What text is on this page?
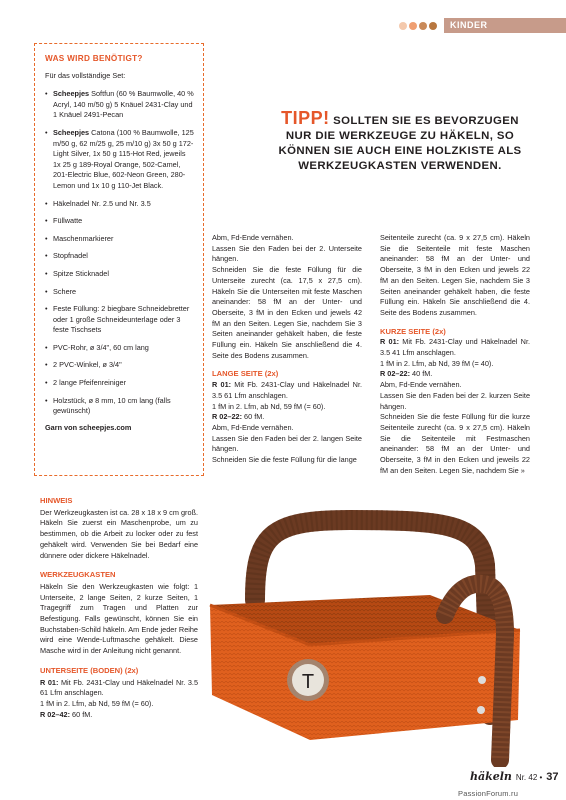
KINDER
WAS WIRD BENÖTIGT?
Für das vollständige Set:
• Scheepjes Softfun (60 % Baumwolle, 40 % Acryl, 140 m/50 g) 5 Knäuel 2431-Clay und 1 Knäuel 2491-Pecan
• Scheepjes Catona (100 % Baumwolle, 125 m/50 g, 62 m/25 g, 25 m/10 g) 3x 50 g 172-Light Silver, 1x 50 g 115-Hot Red, jeweils 1x 25 g 189-Royal Orange, 502-Camel, 201-Electric Blue, 602-Neon Green, 280-Lemon und 1x 10 g 110-Jet Black.
• Häkelnadel Nr. 2.5 und Nr. 3.5
• Füllwatte
• Maschenmarkierer
• Stopfnadel
• Spitze Sticknadel
• Schere
• Feste Füllung: 2 biegbare Schneidebretter oder 1 große Schneideunterlage oder 3 feste Tischsets
• PVC-Rohr, ø 3/4", 60 cm lang
• 2 PVC-Winkel, ø 3/4"
• 2 lange Pfeifenreiniger
• Holzstück, ø 8 mm, 10 cm lang (falls gewünscht)
Garn von scheepjes.com
HINWEIS

Der Werkzeugkasten ist ca. 28 x 18 x 9 cm groß. Häkeln Sie zuerst ein Maschenprobe, um zu bestimmen, ob die Arbeit zu locker oder zu fest gehäkelt wird. Verwenden Sie bei Bedarf eine dünnere oder dickere Häkelnadel.

WERKZEUGKASTEN

Häkeln Sie den Werkzeugkasten wie folgt: 1 Unterseite, 2 lange Seiten, 2 kurze Seiten, 1 Tragegriff zum Tragen und Platten zur Befestigung. Falls gewünscht, können Sie ein Buchstaben-Schild häkeln. Am Ende jeder Reihe wird eine Wende-Luftmasche gehäkelt. Diese Masche wird in der Anleitung nicht genannt.

UNTERSEITE (BODEN) (2x)

R 01: Mit Fb. 2431-Clay und Häkelnadel Nr. 3.5 61 Lfm anschlagen.

1 fM in 2. Lfm, ab Nd, 59 fM (= 60).

R 02–42: 60 fM.

TIPP! SOLLTEN SIE ES BEVORZUGEN
NUR DIE WERKZEUGE ZU HÄKELN, SO
KÖNNEN SIE AUCH EINE HOLZKISTE ALS
WERKZEUGKASTEN VERWENDEN.

Abm, Fd-Ende vernähen.

Lassen Sie den Faden bei der 2. Unterseite hängen.

Schneiden Sie die feste Füllung für die Unterseite zurecht (ca. 17,5 x 27,5 cm). Häkeln Sie die Unterseiten mit feste Maschen aneinander: 58 fM an der Unter- und Oberseite, 3 fM in den Ecken und jewels 42 fM an den Seiten. Legen Sie, nachdem Sie 3 Seiten aneinander gehäkelt haben, die feste Füllung ein. Häkeln Sie anschließend die 4. Seite des Bodens zusammen.

LANGE SEITE (2x)

R 01: Mit Fb. 2431-Clay und Häkelnadel Nr. 3.5 61 Lfm anschlagen.

1 fM in 2. Lfm, ab Nd, 59 fM (= 60).

R 02–22: 60 fM.

Abm, Fd-Ende vernähen.

Lassen Sie den Faden bei der 2. langen Seite hängen.

Schneiden Sie die feste Füllung für die lange

Seitenteile zurecht (ca. 9 x 27,5 cm). Häkeln Sie die Seitenteile mit feste Maschen aneinander: 58 fM an der Unter- und Oberseite, 3 fM in den Ecken und jewels 22 fM an den Seiten. Legen Sie, nachdem Sie 3 Seiten aneinander gehäkelt haben, die feste Füllung ein. Häkeln Sie anschließend die 4. Seite des Bodens zusammen.

KURZE SEITE (2x)

R 01: Mit Fb. 2431-Clay und Häkelnadel Nr. 3.5 41 Lfm anschlagen.

1 fM in 2. Lfm, ab Nd, 39 fM (= 40).

R 02–22: 40 fM.

Abm, Fd-Ende vernähen.

Lassen Sie den Faden bei der 2. kurzen Seite hängen.

Schneiden Sie die feste Füllung für die kurze Seitenteile zurecht (ca. 9 x 27,5 cm). Häkeln Sie die Seitenteile mit Festmaschen aneinander: 58 fM an der Unter- und Oberseite, 3 fM in den Ecken und jeweils 22 fM an den Seiten. Legen Sie, nachdem Sie »

T
häkeln Nr. 42 • 37
PassionForum.ru
